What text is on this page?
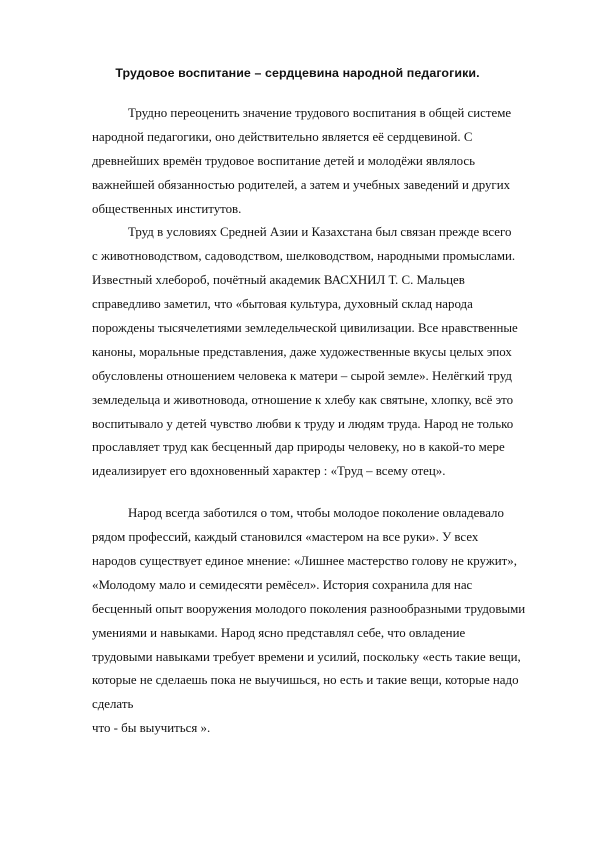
Трудовое воспитание – сердцевина народной педагогики.

Трудно переоценить значение трудового воспитания в общей системе

народной педагогики, оно действительно является её сердцевиной. С

древнейших времён трудовое воспитание детей и молодёжи являлось

важнейшей обязанностью родителей, а затем и учебных заведений и других

общественных институтов.

Труд в условиях Средней Азии и Казахстана был связан прежде всего

с животноводством, садоводством, шелководством, народными промыслами.

Известный хлебороб, почётный академик ВАСХНИЛ Т. С. Мальцев

справедливо заметил, что «бытовая культура, духовный склад народа

порождены тысячелетиями земледельческой цивилизации. Все нравственные

каноны, моральные представления, даже художественные вкусы целых эпох

обусловлены отношением человека к матери – сырой земле». Нелёгкий труд

земледельца и животновода, отношение к хлебу как святыне, хлопку, всё это

воспитывало у детей чувство любви к труду и людям труда. Народ не только

прославляет труд как бесценный дар природы человеку, но в какой-то мере

идеализирует его вдохновенный характер : «Труд – всему отец».

Народ всегда заботился о том, чтобы молодое поколение овладевало

рядом профессий, каждый становился «мастером на все руки». У всех

народов существует единое мнение: «Лишнее мастерство голову не кружит»,

«Молодому мало и семидесяти ремёсел». История сохранила для нас

бесценный опыт вооружения молодого поколения разнообразными трудовыми

умениями и навыками. Народ ясно представлял себе, что овладение

трудовыми навыками требует времени и усилий, поскольку «есть такие вещи,

которые не сделаешь пока не выучишься, но есть и такие вещи, которые надо

сделать

что - бы выучиться ».
